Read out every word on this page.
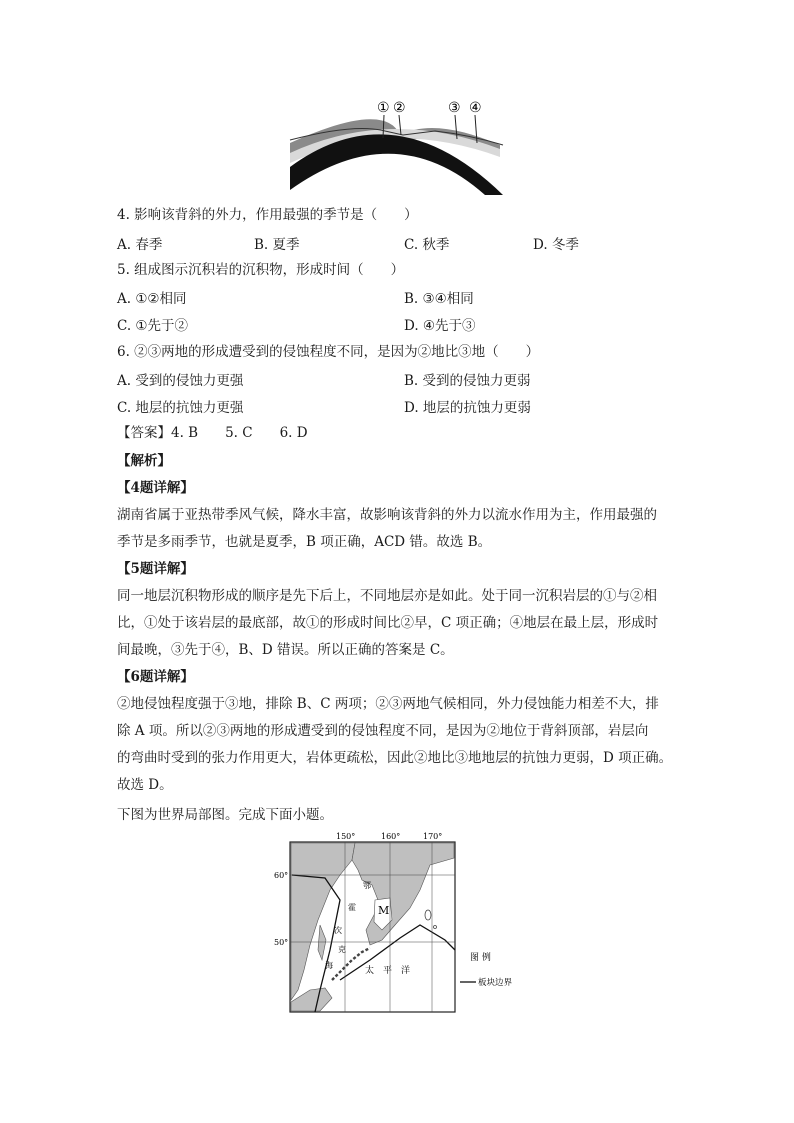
① ②	③ ④
4. 影响该背斜的外力，作用最强的季节是（　　）
A. 春季	B. 夏季	C. 秋季	D. 冬季
5. 组成图示沉积岩的沉积物，形成时间（　　）
A. ①②相同	B. ③④相同
C. ①先于②	D. ④先于③
6. ②③两地的形成遭受到的侵蚀程度不同，是因为②地比③地（　　）
A. 受到的侵蚀力更强	B. 受到的侵蚀力更弱
C. 地层的抗蚀力更强	D. 地层的抗蚀力更弱
【答案】4. B　　5. C　　6. D
【解析】
【4题详解】
湖南省属于亚热带季风气候，降水丰富，故影响该背斜的外力以流水作用为主，作用最强的
季节是多雨季节，也就是夏季，B 项正确，ACD 错。故选 B。
【5题详解】
同一地层沉积物形成的顺序是先下后上，不同地层亦是如此。处于同一沉积岩层的①与②相
比，①处于该岩层的最底部，故①的形成时间比②早，C 项正确；④地层在最上层，形成时
间最晚，③先于④，B、D 错误。所以正确的答案是 C。
【6题详解】
②地侵蚀程度强于③地，排除 B、C 两项；②③两地气候相同，外力侵蚀能力相差不大，排
除 A 项。所以②③两地的形成遭受到的侵蚀程度不同，是因为②地位于背斜顶部，岩层向
的弯曲时受到的张力作用更大，岩体更疏松，因此②地比③地地层的抗蚀力更弱，D 项正确。
故选 D。
下图为世界局部图。完成下面小题。
150°	160°	170°
60°
50°
鄂
霍
次
克
海
M
太　平　洋
图 例
板块边界
